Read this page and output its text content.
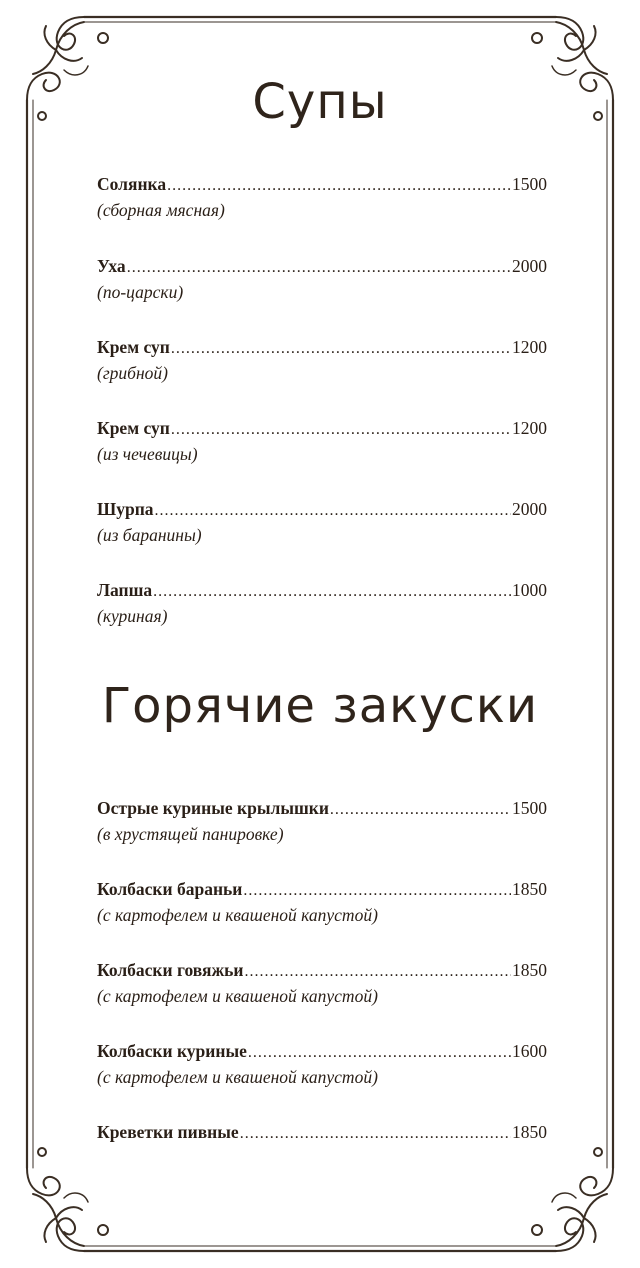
Супы
Солянка .....	1500
(сборная мясная)
Уха .....	2000
(по-царски)
Крем суп .....	1200
(грибной)
Крем суп .....	1200
(из чечевицы)
Шурпа .....	2000
(из баранины)
Лапша .....	1000
(куриная)
Горячие закуски
Острые куриные крылышки .....	1500
(в хрустящей панировке)
Колбаски бараньи .....	1850
(с картофелем и квашеной капустой)
Колбаски говяжьи .....	1850
(с картофелем и квашеной капустой)
Колбаски куриные .....	1600
(с картофелем и квашеной капустой)
Креветки пивные .....	1850
